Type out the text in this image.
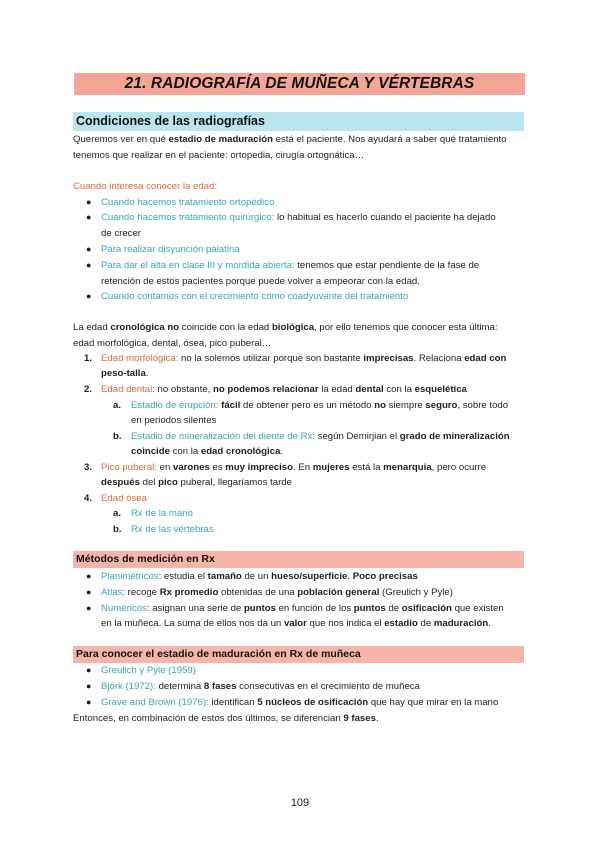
21. RADIOGRAFÍA DE MUÑECA Y VÉRTEBRAS
Condiciones de las radiografías
Queremos ver en qué estadio de maduración está el paciente. Nos ayudará a saber qué tratamiento
tenemos que realizar en el paciente: ortopedia, cirugía ortognática…
Cuando interesa conocer la edad:
● Cuando hacemos tratamiento ortopédico
● Cuando hacemos tratamiento quirúrgico: lo habitual es hacerlo cuando el paciente ha dejado
de crecer
● Para realizar disyunción palatina
● Para dar el alta en clase III y mordida abierta: tenemos que estar pendiente de la fase de
retención de estos pacientes porque puede volver a empeorar con la edad.
● Cuando contamos con el crecimiento como coadyuvante del tratamiento
La edad cronológica no coincide con la edad biológica, por ello tenemos que conocer esta última:
edad morfológica, dental, ósea, pico puberal…
1. Edad morfológica: no la solemos utilizar porque son bastante imprecisas. Relaciona edad con
peso-talla.
2. Edad dental: no obstante, no podemos relacionar la edad dental con la esquelética
a. Estadio de erupción: fácil de obtener pero es un método no siempre seguro, sobre todo
en periodos silentes
b. Estadio de mineralización del diente de Rx: según Demirjian el grado de mineralización
coincide con la edad cronológica.
3. Pico puberal: en varones es muy impreciso. En mujeres está la menarquia, pero ocurre
después del pico puberal, llegaríamos tarde
4. Edad ósea
a. Rx de la mano
b. Rx de las vértebras
Métodos de medición en Rx
● Planimétricos: estudia el tamaño de un hueso/superficie. Poco precisas
● Atlas: recoge Rx promedio obtenidas de una población general (Greulich y Pyle)
● Numéricos: asignan una serie de puntos en función de los puntos de osificación que existen
en la muñeca. La suma de ellos nos da un valor que nos indica el estadio de maduración.
Para conocer el estadio de maduración en Rx de muñeca
● Greulich y Pyle (1959)
● Björk (1972): determina 8 fases consecutivas en el crecimiento de muñeca
● Grave and Brown (1976): identifican 5 núcleos de osificación que hay que mirar en la mano
Entonces, en combinación de estos dos últimos, se diferencian 9 fases.
109
